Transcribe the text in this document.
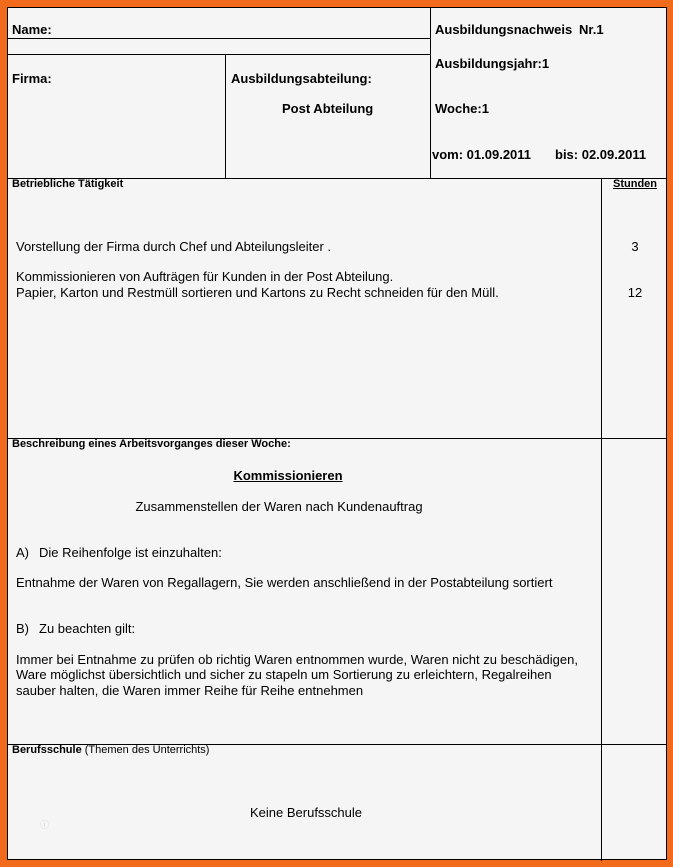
Name:
Firma:	Ausbildungsabteilung:
Post Abteilung
Ausbildungsnachweis Nr.1
Ausbildungsjahr:1
Woche:1
vom: 01.09.2011 bis: 02.09.2011
Betriebliche Tätigkeit	Stunden
Vorstellung der Firma durch Chef und Abteilungsleiter .
Kommissionieren von Aufträgen für Kunden in der Post Abteilung.
Papier, Karton und Restmüll sortieren und Kartons zu Recht schneiden für den Müll.
3
12
Beschreibung eines Arbeitsvorganges dieser Woche:
Kommissionieren
Zusammenstellen der Waren nach Kundenauftrag
A) Die Reihenfolge ist einzuhalten:
Entnahme der Waren von Regallagern, Sie werden anschließend in der Postabteilung sortiert
B) Zu beachten gilt:
Immer bei Entnahme zu prüfen ob richtig Waren entnommen wurde, Waren nicht zu beschädigen,
Ware möglichst übersichtlich und sicher zu stapeln um Sortierung zu erleichtern, Regalreihen
sauber halten, die Waren immer Reihe für Reihe entnehmen
Berufsschule (Themen des Unterrichts)
Keine Berufsschule
ⓘ
